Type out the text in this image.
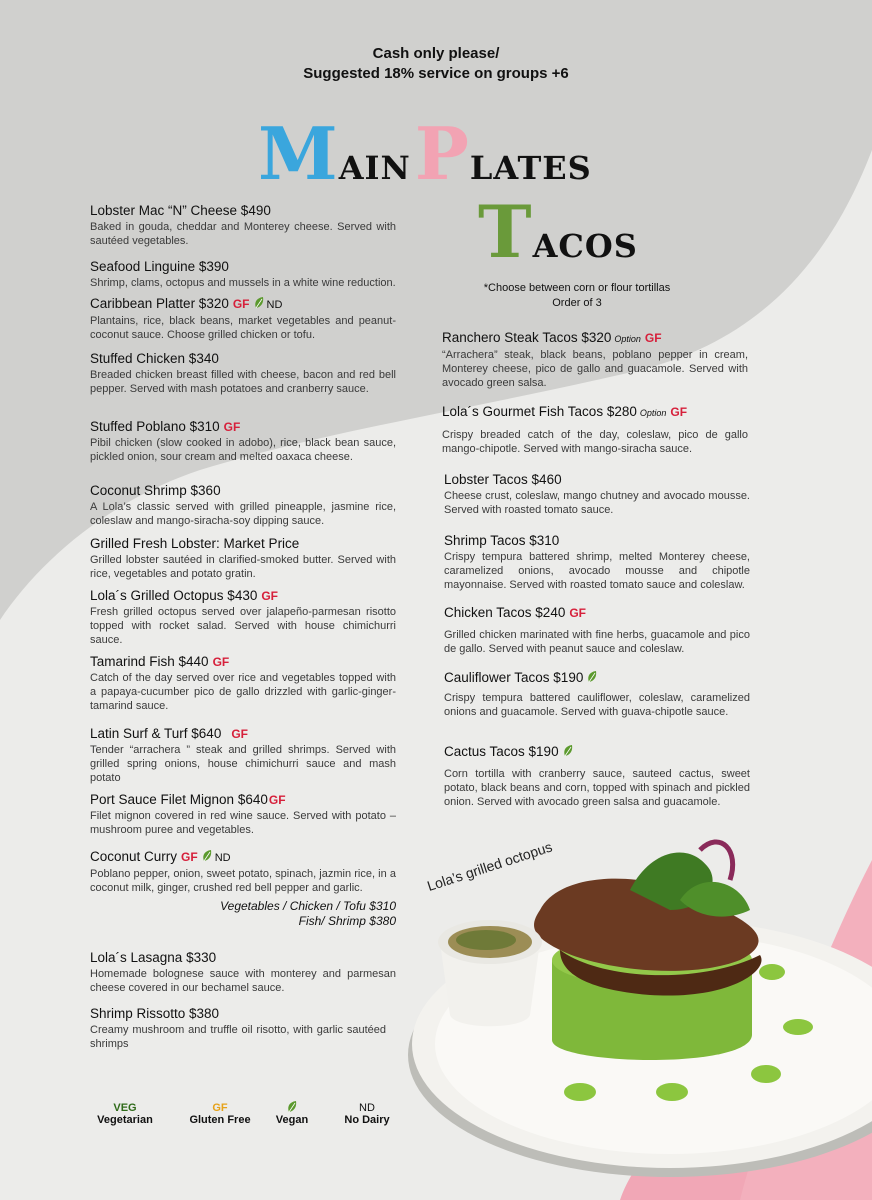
Cash only please/
Suggested 18% service on groups +6
MAINPLATES
TACOS
*Choose between corn or flour tortillas
Order of 3
Lobster Mac “N” Cheese $490
Baked in gouda, cheddar and Monterey cheese. Served with sautéed vegetables.
Seafood Linguine $390
Shrimp, clams, octopus and mussels in a white wine reduction.
Caribbean Platter $320 GF ND
Plantains, rice, black beans, market vegetables and peanut-coconut sauce. Choose grilled chicken or tofu.
Stuffed Chicken $340
Breaded chicken breast filled with cheese, bacon and red bell pepper. Served with mash potatoes and cranberry sauce.
Stuffed Poblano $310 GF
Pibil chicken (slow cooked in adobo), rice, black bean sauce, pickled onion, sour cream and melted oaxaca cheese.
Coconut Shrimp $360
A Lola’s classic served with grilled pineapple, jasmine rice, coleslaw and mango-siracha-soy dipping sauce.
Grilled Fresh Lobster: Market Price
Grilled lobster sautéed in clarified-smoked butter. Served with rice, vegetables and potato gratin.
Lola´s Grilled Octopus $430 GF
Fresh grilled octopus served over jalapeño-parmesan risotto topped with rocket salad. Served with house chimichurri sauce.
Tamarind Fish $440 GF
Catch of the day served over rice and vegetables topped with a papaya-cucumber pico de gallo drizzled with garlic-ginger-tamarind sauce.
Latin Surf & Turf $640 GF
Tender “arrachera ” steak and grilled shrimps. Served with grilled spring onions, house chimichurri sauce and mash potato
Port Sauce Filet Mignon $640GF
Filet mignon covered in red wine sauce. Served with potato –mushroom puree and vegetables.
Coconut Curry GF ND
Poblano pepper, onion, sweet potato, spinach, jazmin rice, in a coconut milk, ginger, crushed red bell pepper and garlic.
Vegetables / Chicken / Tofu $310
Fish/ Shrimp $380
Lola´s Lasagna $330
Homemade bolognese sauce with monterey and parmesan cheese covered in our bechamel sauce.
Shrimp Rissotto $380
Creamy mushroom and truffle oil risotto, with garlic sautéed shrimps
Ranchero Steak Tacos $320 Option GF
“Arrachera” steak, black beans, poblano pepper in cream, Monterey cheese, pico de gallo and guacamole. Served with avocado green salsa.
Lola´s Gourmet Fish Tacos $280 Option GF
Crispy breaded catch of the day, coleslaw, pico de gallo mango-chipotle. Served with mango-siracha sauce.
Lobster Tacos $460
Cheese crust, coleslaw, mango chutney and avocado mousse. Served with roasted tomato sauce.
Shrimp Tacos $310
Crispy tempura battered shrimp, melted Monterey cheese, caramelized onions, avocado mousse and chipotle mayonnaise. Served with roasted tomato sauce and coleslaw.
Chicken Tacos $240 GF
Grilled chicken marinated with fine herbs, guacamole and pico de gallo. Served with peanut sauce and coleslaw.
Cauliflower Tacos $190
Crispy tempura battered cauliflower, coleslaw, caramelized onions and guacamole. Served with guava-chipotle sauce.
Cactus Tacos $190
Corn tortilla with cranberry sauce, sauteed cactus, sweet potato, black beans and corn, topped with spinach and pickled onion. Served with avocado green salsa and guacamole.
Lola’s grilled octopus
VEG
Vegetarian
GF
Gluten Free	Vegan
ND
No Dairy
